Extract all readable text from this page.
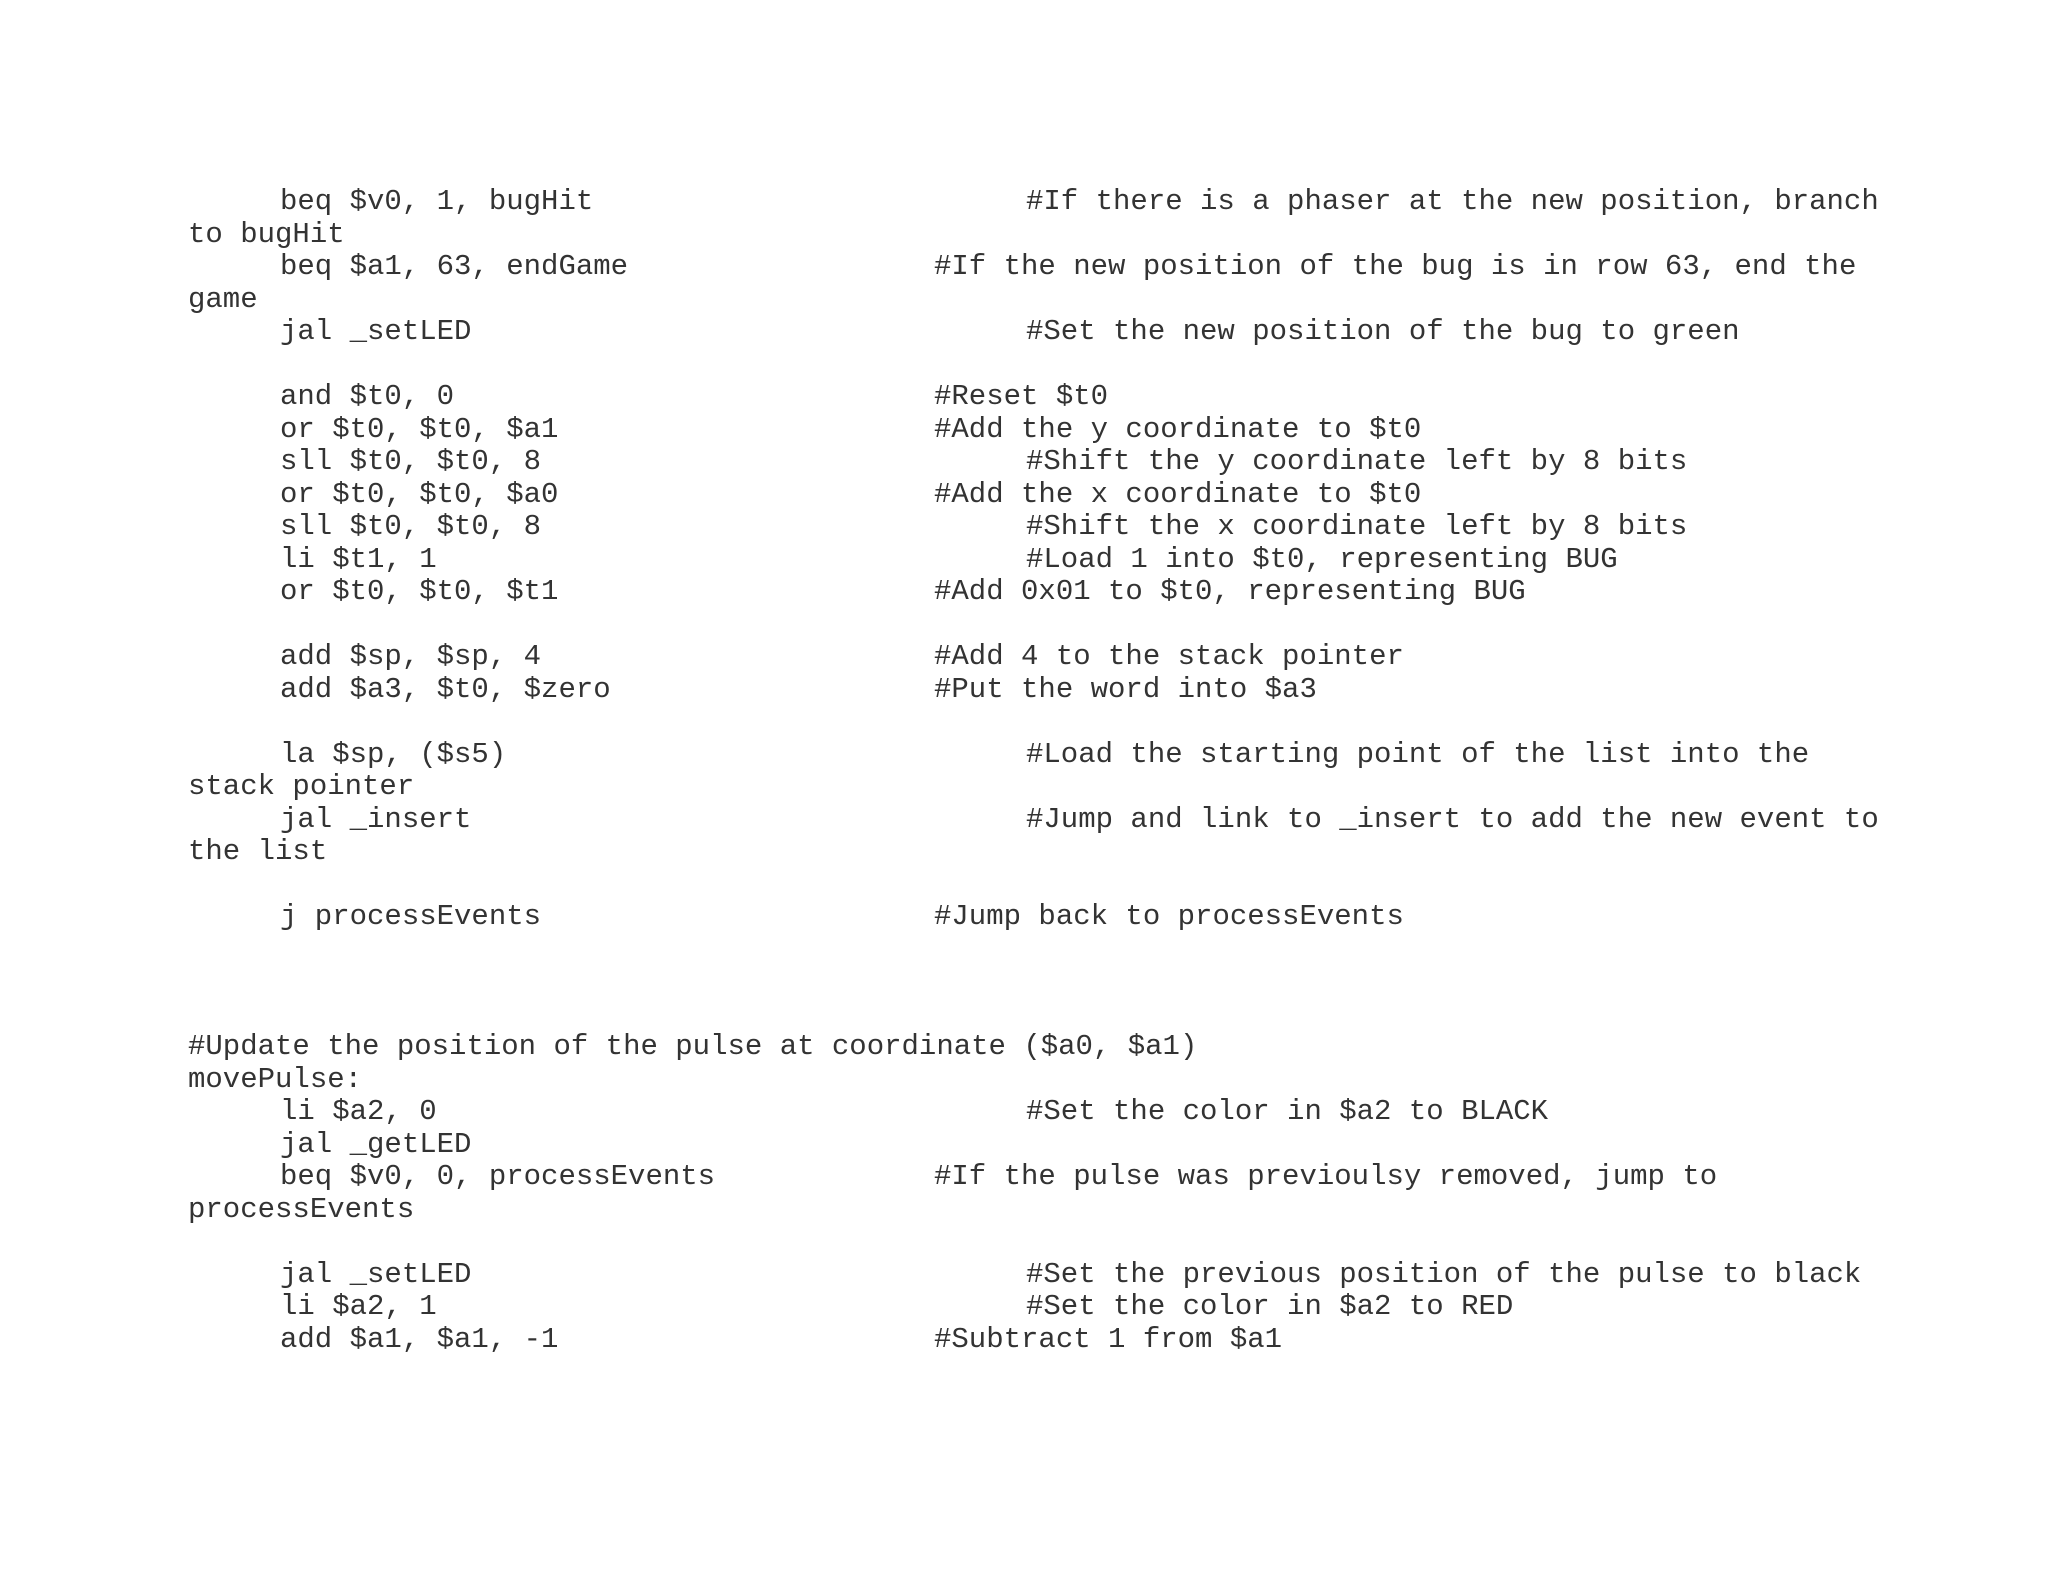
beq $v0, 1, bugHit	#If there is a phaser at the new position, branch
to bugHit
beq $a1, 63, endGame	#If the new position of the bug is in row 63, end the
game
jal _setLED	#Set the new position of the bug to green
and $t0, 0	#Reset $t0
or $t0, $t0, $a1	#Add the y coordinate to $t0
sll $t0, $t0, 8	#Shift the y coordinate left by 8 bits
or $t0, $t0, $a0	#Add the x coordinate to $t0
sll $t0, $t0, 8	#Shift the x coordinate left by 8 bits
li $t1, 1	#Load 1 into $t0, representing BUG
or $t0, $t0, $t1	#Add 0x01 to $t0, representing BUG
add $sp, $sp, 4	#Add 4 to the stack pointer
add $a3, $t0, $zero	#Put the word into $a3
la $sp, ($s5)	#Load the starting point of the list into the
stack pointer
jal _insert	#Jump and link to _insert to add the new event to
the list
j processEvents	#Jump back to processEvents
#Update the position of the pulse at coordinate ($a0, $a1)
movePulse:
li $a2, 0	#Set the color in $a2 to BLACK
jal _getLED
beq $v0, 0, processEvents	#If the pulse was previoulsy removed, jump to
processEvents
jal _setLED	#Set the previous position of the pulse to black
li $a2, 1	#Set the color in $a2 to RED
add $a1, $a1, -1	#Subtract 1 from $a1
